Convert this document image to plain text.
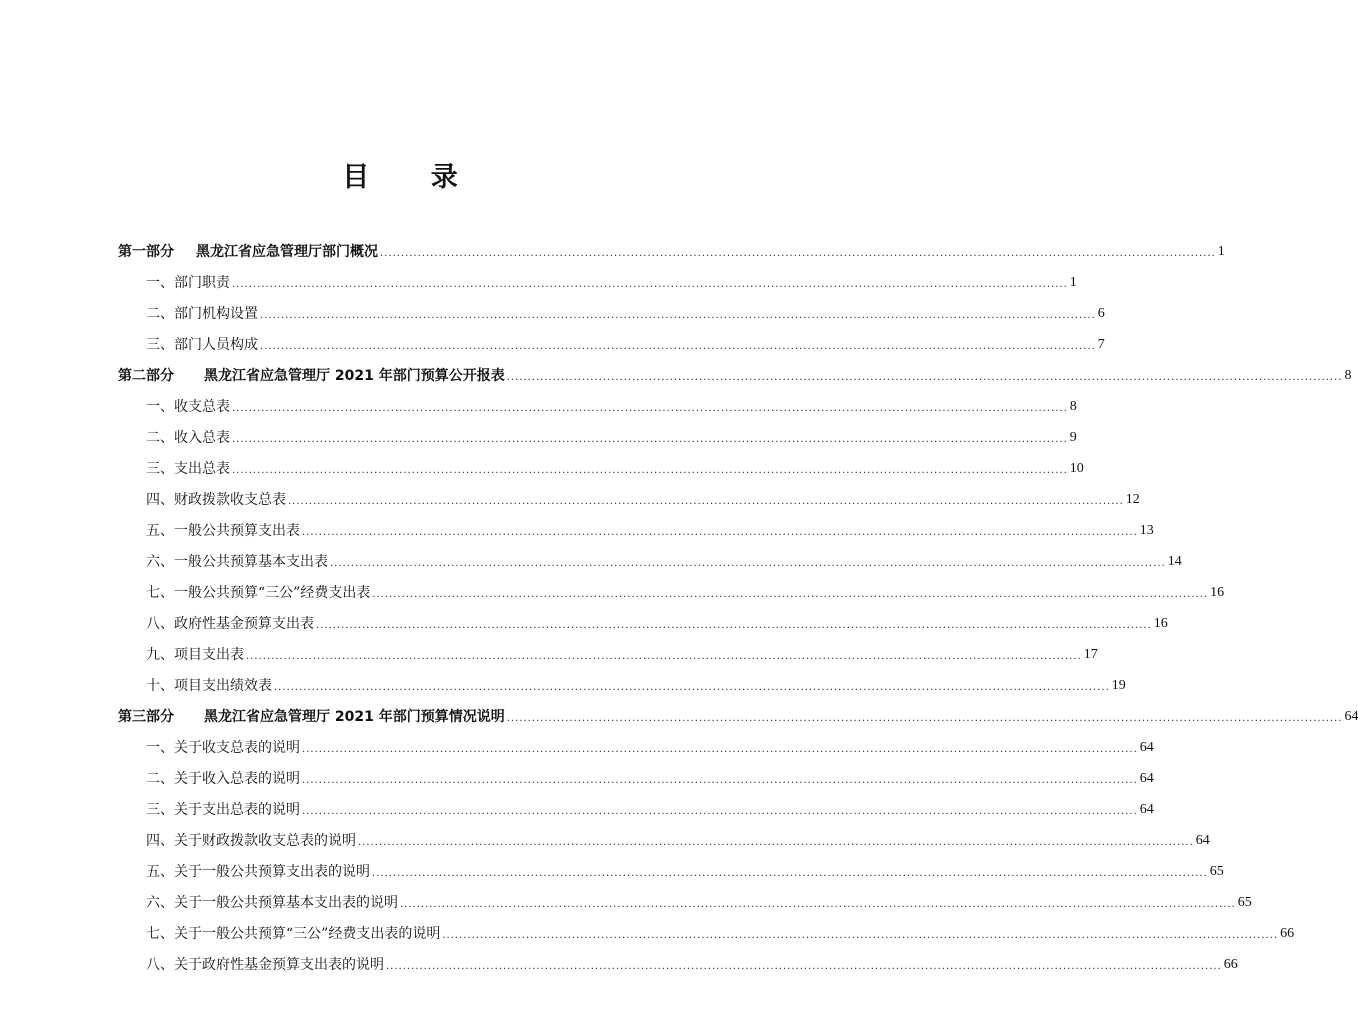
目 录
第一部分 黑龙江省应急管理厅部门概况 ........................................................................................................................................................................................................ 1
一、部门职责 ........................................................................................................................................................................................................ 1
二、部门机构设置 ........................................................................................................................................................................................................ 6
三、部门人员构成 ........................................................................................................................................................................................................ 7
第二部分 黑龙江省应急管理厅 2021 年部门预算公开报表 ........................................................................................................................................................................................................ 8
一、收支总表 ........................................................................................................................................................................................................ 8
二、收入总表 ........................................................................................................................................................................................................ 9
三、支出总表 ........................................................................................................................................................................................................ 10
四、财政拨款收支总表 ........................................................................................................................................................................................................ 12
五、一般公共预算支出表 ........................................................................................................................................................................................................ 13
六、一般公共预算基本支出表 ........................................................................................................................................................................................................ 14
七、一般公共预算“三公”经费支出表 ........................................................................................................................................................................................................ 16
八、政府性基金预算支出表 ........................................................................................................................................................................................................ 16
九、项目支出表 ........................................................................................................................................................................................................ 17
十、项目支出绩效表 ........................................................................................................................................................................................................ 19
第三部分 黑龙江省应急管理厅 2021 年部门预算情况说明 ........................................................................................................................................................................................................ 64
一、关于收支总表的说明 ........................................................................................................................................................................................................ 64
二、关于收入总表的说明 ........................................................................................................................................................................................................ 64
三、关于支出总表的说明 ........................................................................................................................................................................................................ 64
四、关于财政拨款收支总表的说明 ........................................................................................................................................................................................................ 64
五、关于一般公共预算支出表的说明 ........................................................................................................................................................................................................ 65
六、关于一般公共预算基本支出表的说明 ........................................................................................................................................................................................................ 65
七、关于一般公共预算“三公”经费支出表的说明 ........................................................................................................................................................................................................ 66
八、关于政府性基金预算支出表的说明 ........................................................................................................................................................................................................ 66
